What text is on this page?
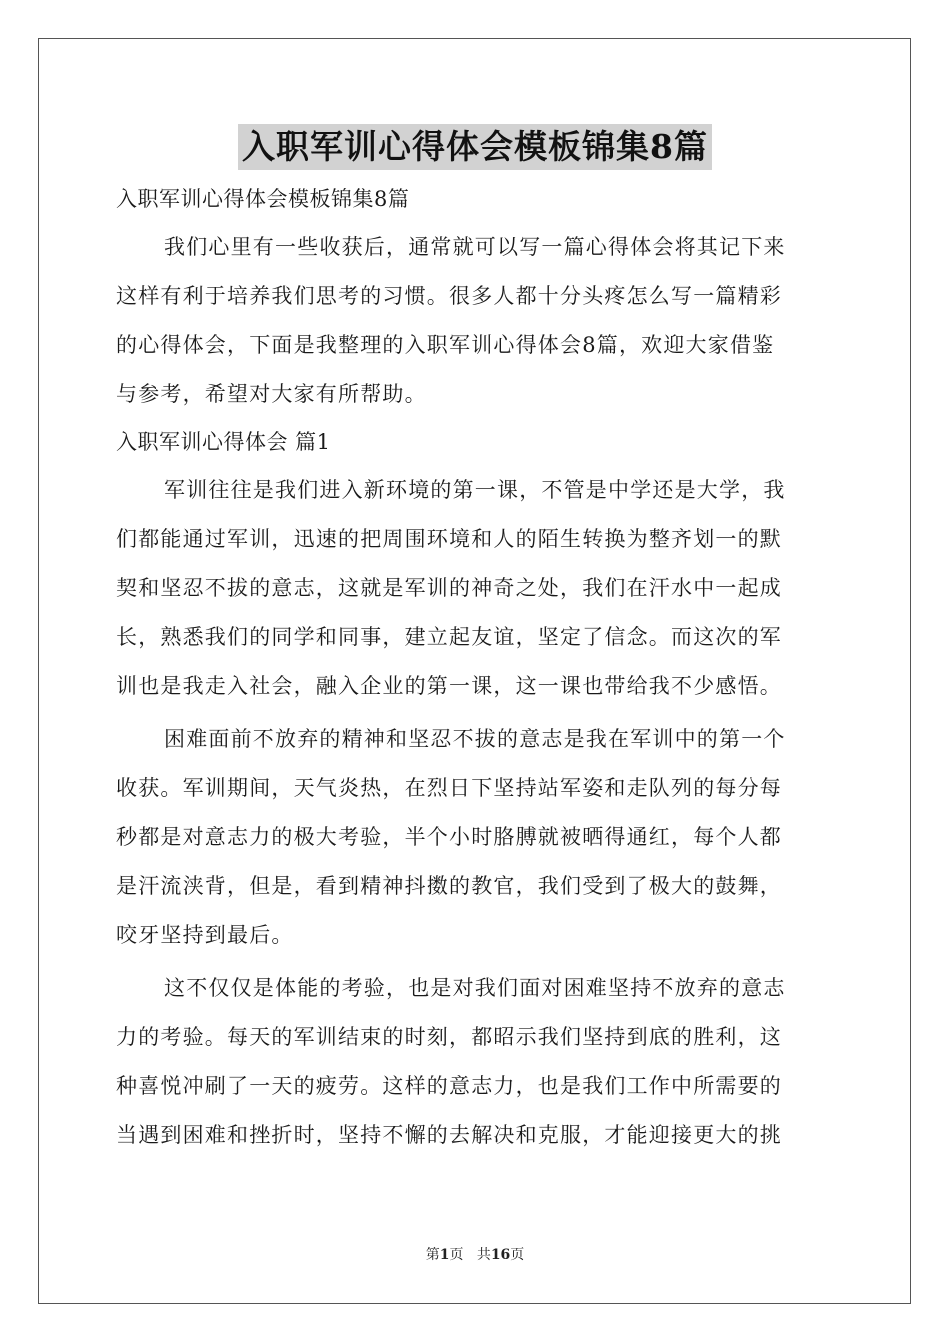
入职军训心得体会模板锦集8篇
入职军训心得体会模板锦集8篇
我们心里有一些收获后，通常就可以写一篇心得体会将其记下来
这样有利于培养我们思考的习惯。很多人都十分头疼怎么写一篇精彩
的心得体会，下面是我整理的入职军训心得体会8篇，欢迎大家借鉴
与参考，希望对大家有所帮助。
入职军训心得体会 篇1
军训往往是我们进入新环境的第一课，不管是中学还是大学，我
们都能通过军训，迅速的把周围环境和人的陌生转换为整齐划一的默
契和坚忍不拔的意志，这就是军训的神奇之处，我们在汗水中一起成
长，熟悉我们的同学和同事，建立起友谊，坚定了信念。而这次的军
训也是我走入社会，融入企业的第一课，这一课也带给我不少感悟。
困难面前不放弃的精神和坚忍不拔的意志是我在军训中的第一个
收获。军训期间，天气炎热，在烈日下坚持站军姿和走队列的每分每
秒都是对意志力的极大考验，半个小时胳膊就被晒得通红，每个人都
是汗流浃背，但是，看到精神抖擞的教官，我们受到了极大的鼓舞，
咬牙坚持到最后。
这不仅仅是体能的考验，也是对我们面对困难坚持不放弃的意志
力的考验。每天的军训结束的时刻，都昭示我们坚持到底的胜利，这
种喜悦冲刷了一天的疲劳。这样的意志力，也是我们工作中所需要的
当遇到困难和挫折时，坚持不懈的去解决和克服，才能迎接更大的挑
第1页 共16页
